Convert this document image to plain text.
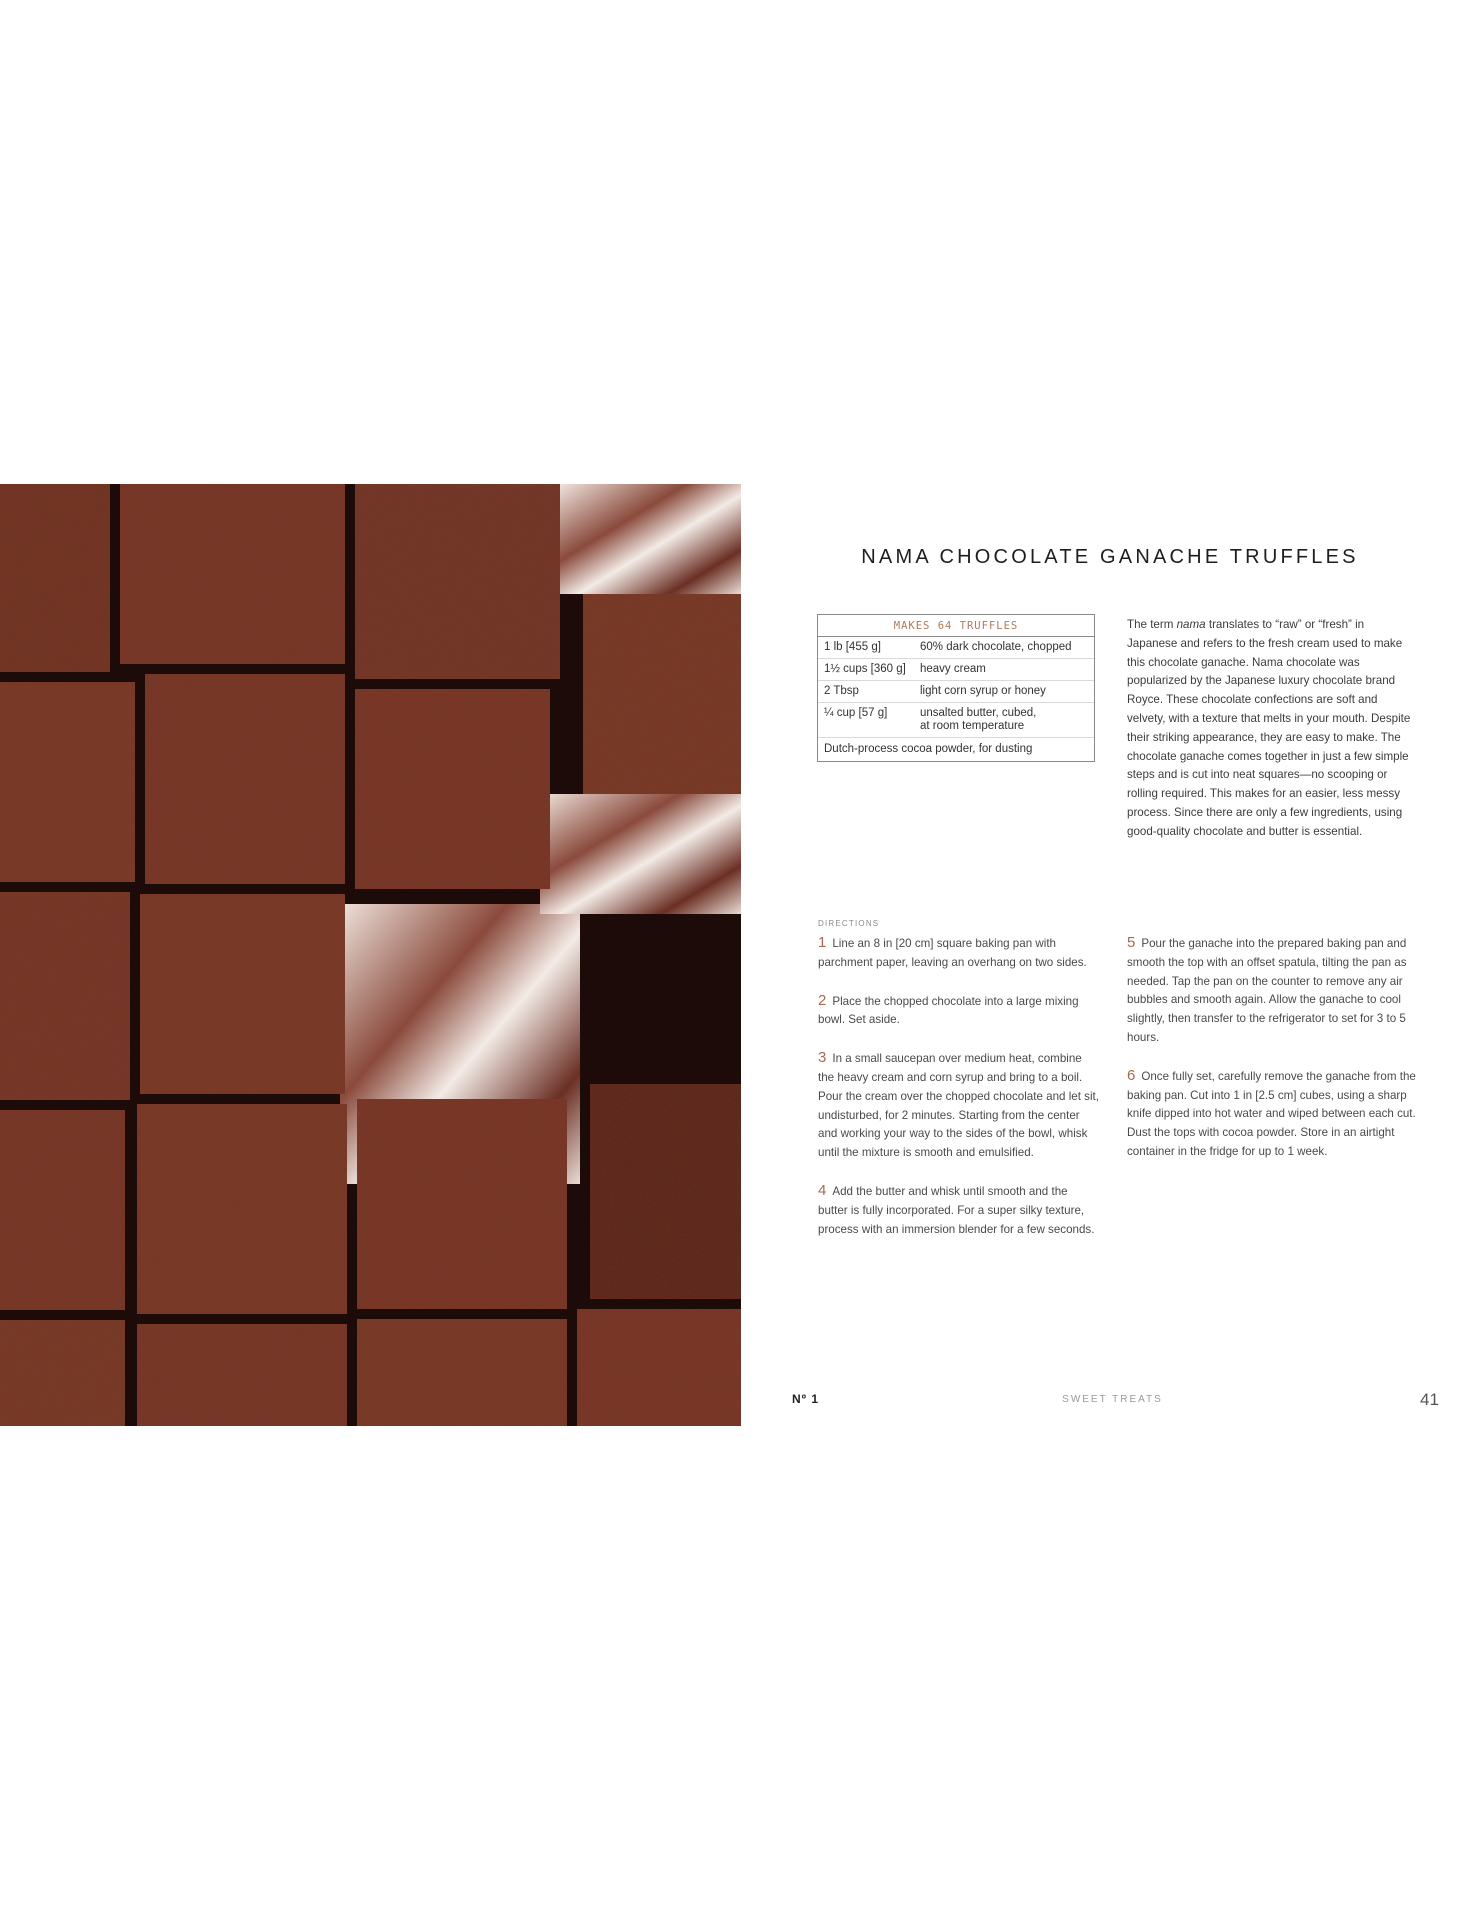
NAMA CHOCOLATE GANACHE TRUFFLES
MAKES 64 TRUFFLES
1 lb [455 g]	60% dark chocolate, chopped
1½ cups [360 g]	heavy cream
2 Tbsp	light corn syrup or honey
¼ cup [57 g]	unsalted butter, cubed,
at room temperature
Dutch-process cocoa powder, for dusting

The term nama translates to “raw” or “fresh” in Japanese and refers to the fresh cream used to make this chocolate ganache. Nama chocolate was popularized by the Japanese luxury chocolate brand Royce. These chocolate confections are soft and velvety, with a texture that melts in your mouth. Despite their striking appearance, they are easy to make. The chocolate ganache comes together in just a few simple steps and is cut into neat squares—no scooping or rolling required. This makes for an easier, less messy process. Since there are only a few ingredients, using good-quality chocolate and butter is essential.

DIRECTIONS

1 Line an 8 in [20 cm] square baking pan with parchment paper, leaving an overhang on two sides.

2 Place the chopped chocolate into a large mixing bowl. Set aside.

3 In a small saucepan over medium heat, combine the heavy cream and corn syrup and bring to a boil. Pour the cream over the chopped chocolate and let sit, undisturbed, for 2 minutes. Starting from the center and working your way to the sides of the bowl, whisk until the mixture is smooth and emulsified.

4 Add the butter and whisk until smooth and the butter is fully incorporated. For a super silky texture, process with an immersion blender for a few seconds.

5 Pour the ganache into the prepared baking pan and smooth the top with an offset spatula, tilting the pan as needed. Tap the pan on the counter to remove any air bubbles and smooth again. Allow the ganache to cool slightly, then transfer to the refrigerator to set for 3 to 5 hours.

6 Once fully set, carefully remove the ganache from the baking pan. Cut into 1 in [2.5 cm] cubes, using a sharp knife dipped into hot water and wiped between each cut. Dust the tops with cocoa powder. Store in an airtight container in the fridge for up to 1 week.

Nº 1	SWEET TREATS	41
